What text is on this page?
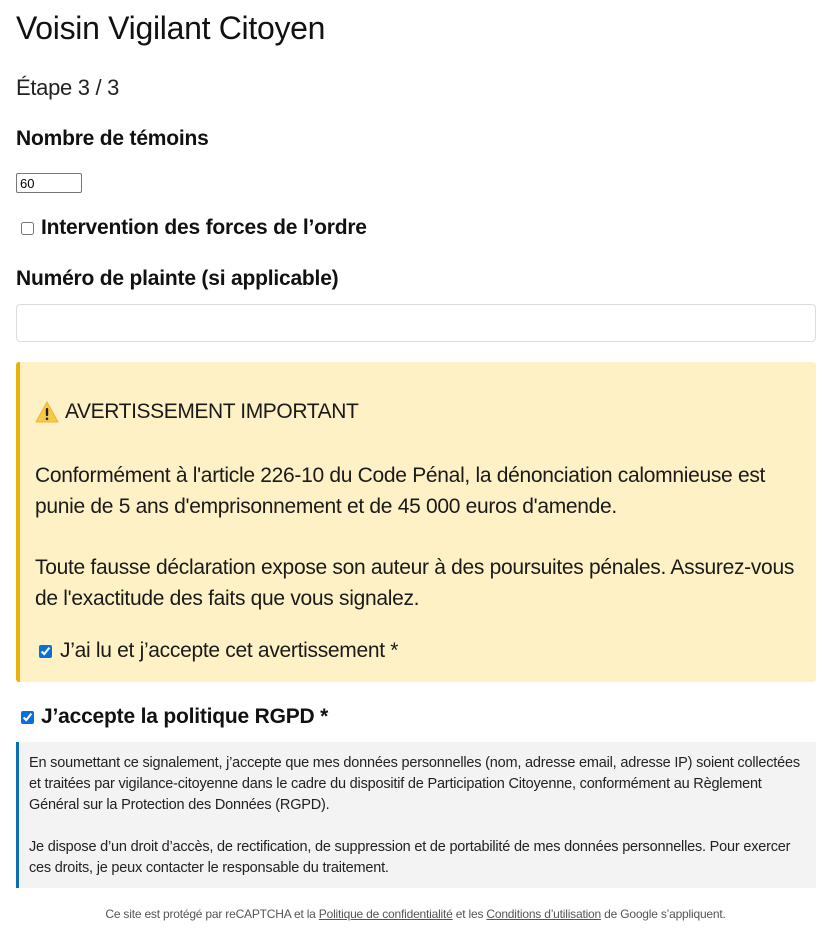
Voisin Vigilant Citoyen
Étape 3 / 3
Nombre de témoins
60
Intervention des forces de l’ordre
Numéro de plainte (si applicable)
AVERTISSEMENT IMPORTANT

Conformément à l'article 226-10 du Code Pénal, la dénonciation calomnieuse est punie de 5 ans d'emprisonnement et de 45 000 euros d'amende.

Toute fausse déclaration expose son auteur à des poursuites pénales. Assurez-vous de l'exactitude des faits que vous signalez.

J’ai lu et j’accepte cet avertissement *
J’accepte la politique RGPD *

En soumettant ce signalement, j’accepte que mes données personnelles (nom, adresse email, adresse IP) soient collectées et traitées par vigilance-citoyenne dans le cadre du dispositif de Participation Citoyenne, conformément au Règlement Général sur la Protection des Données (RGPD).

Je dispose d’un droit d’accès, de rectification, de suppression et de portabilité de mes données personnelles. Pour exercer ces droits, je peux contacter le responsable du traitement.

Ce site est protégé par reCAPTCHA et la Politique de confidentialité et les Conditions d’utilisation de Google s’appliquent.
